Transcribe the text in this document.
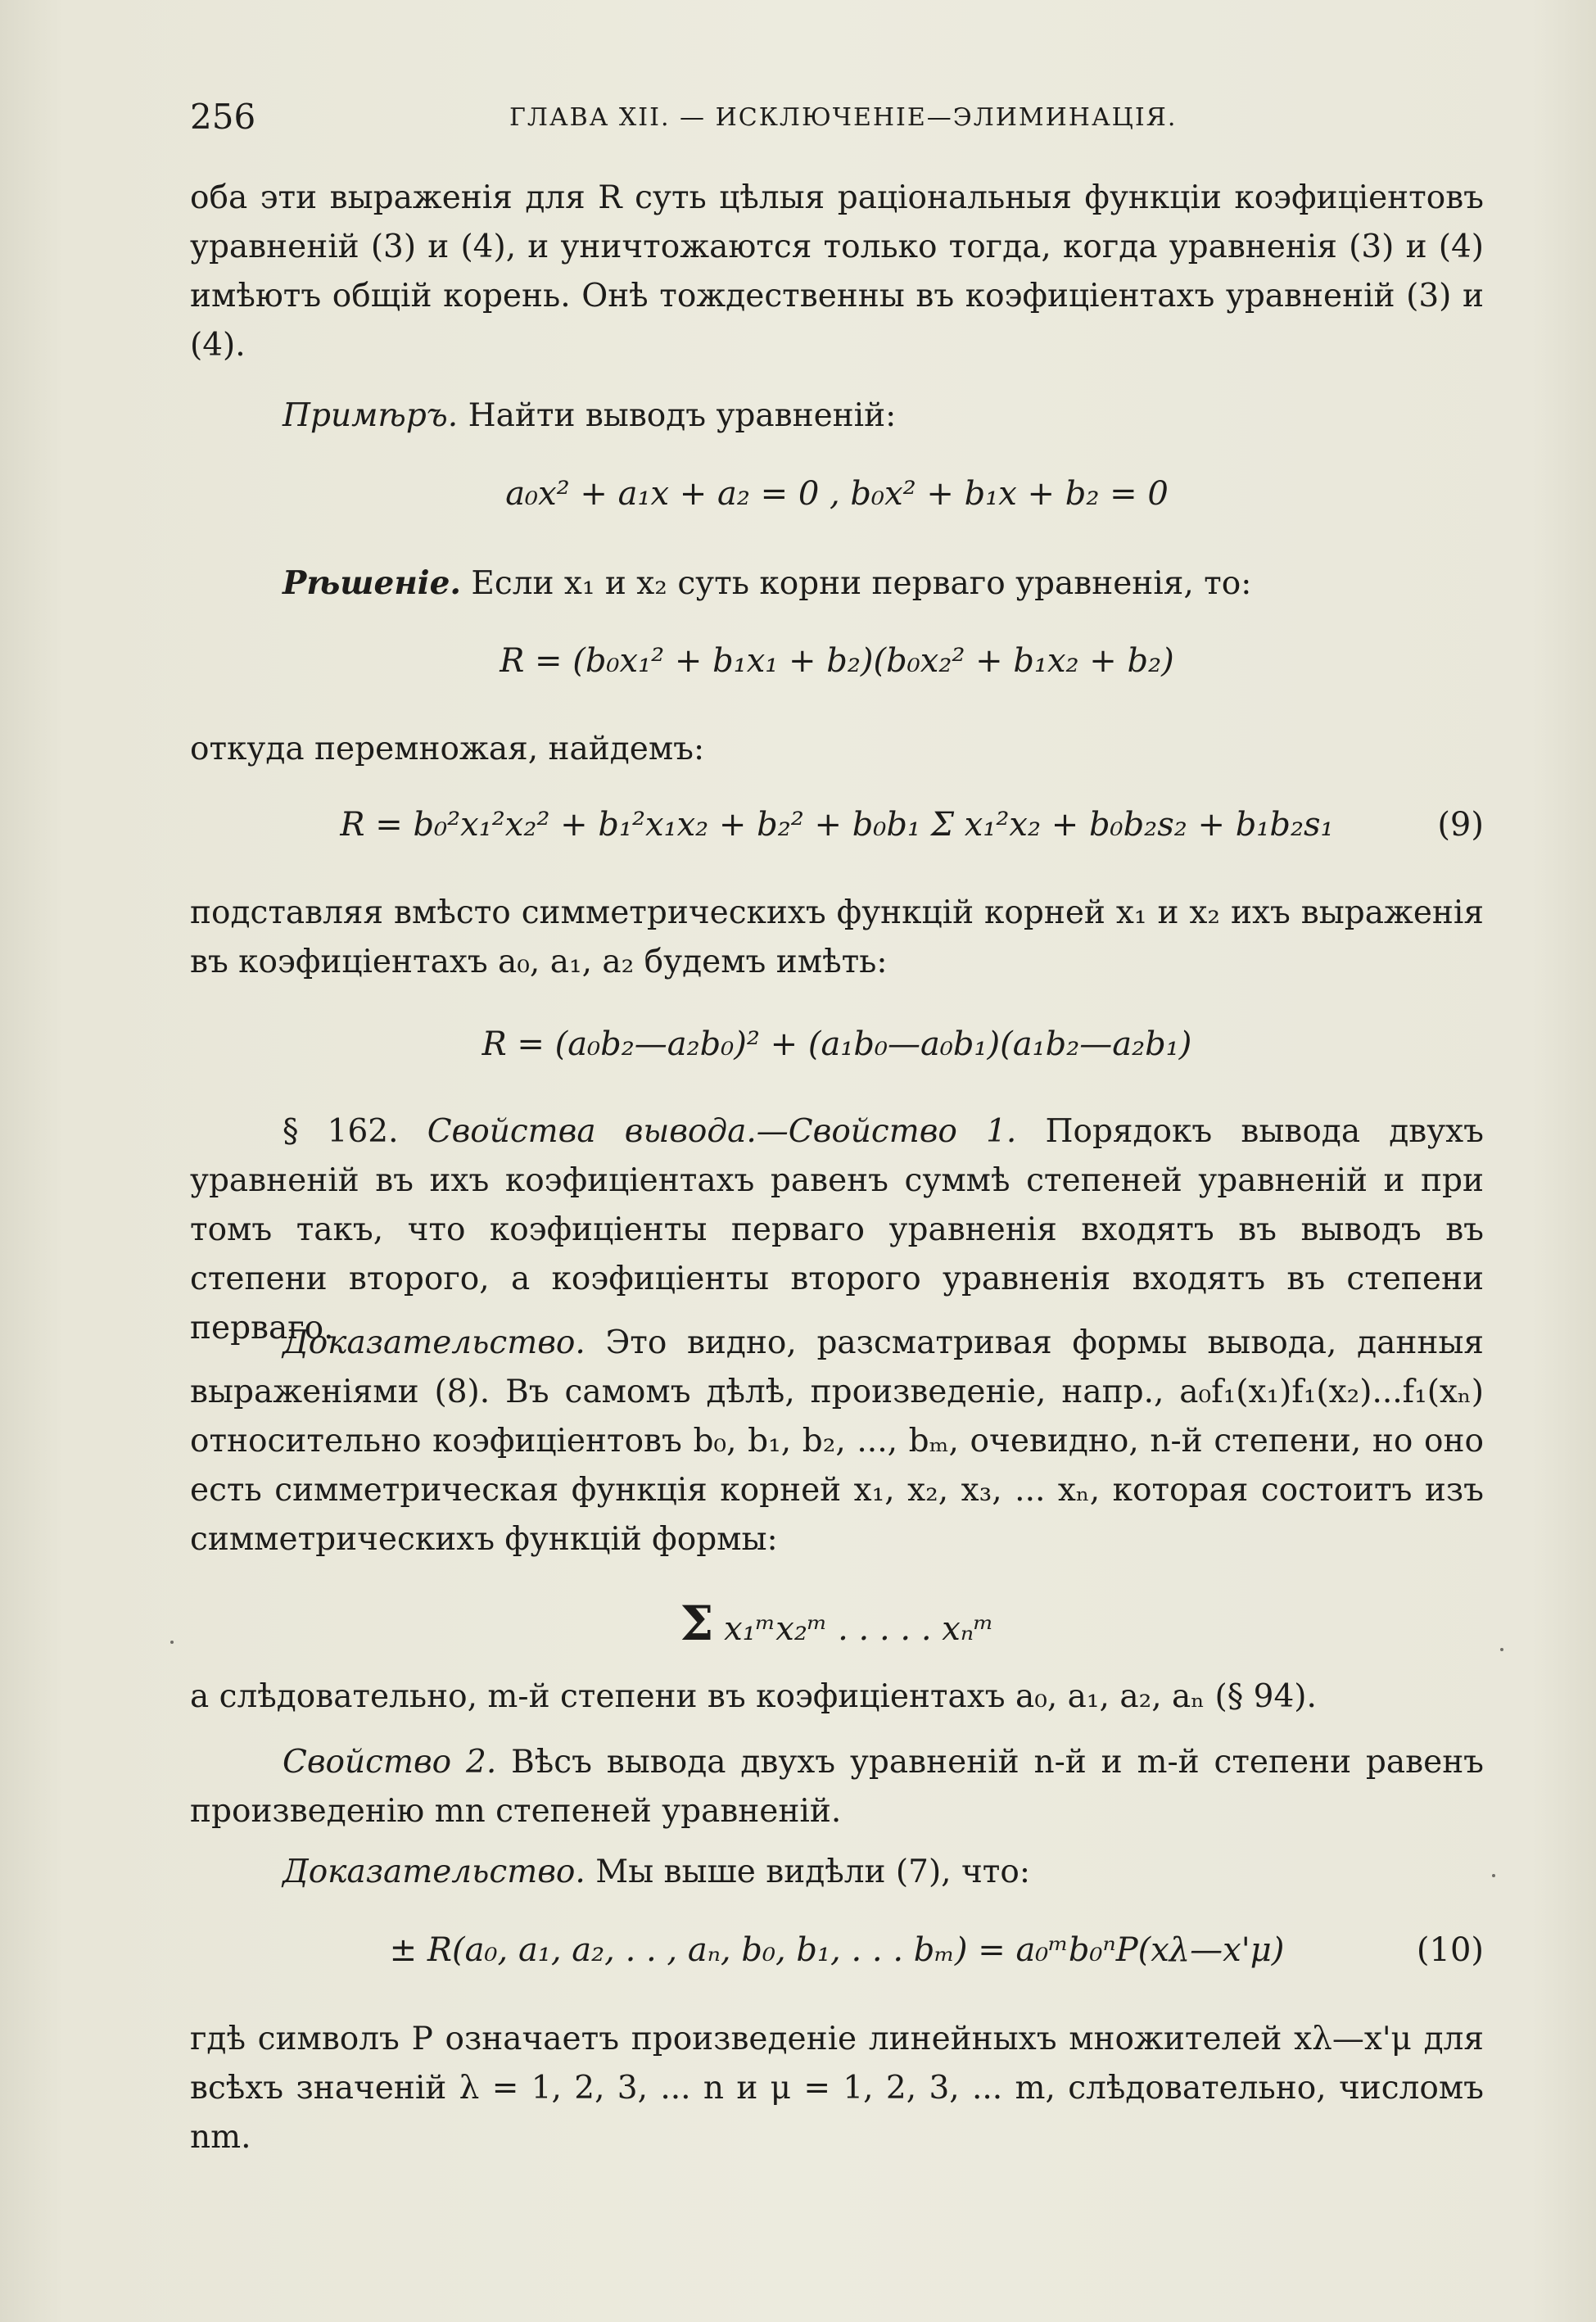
256	ГЛАВА XII. — ИСКЛЮЧЕНІЕ—ЭЛИМИНАЦІЯ.

оба эти выраженія для R суть цѣлыя раціональныя функціи коэфиціентовъ уравненій (3) и (4), и уничтожаются только тогда, когда уравненія (3) и (4) имѣютъ общій корень. Онѣ тождественны въ коэфиціентахъ уравненій (3) и (4).

Примѣръ. Найти выводъ уравненій:

a₀x² + a₁x + a₂ = 0 , b₀x² + b₁x + b₂ = 0

Рѣшеніе. Если x₁ и x₂ суть корни перваго уравненія, то:

R = (b₀x₁² + b₁x₁ + b₂)(b₀x₂² + b₁x₂ + b₂)

откуда перемножая, найдемъ:

R = b₀²x₁²x₂² + b₁²x₁x₂ + b₂² + b₀b₁ Σ x₁²x₂ + b₀b₂s₂ + b₁b₂s₁	(9)

подставляя вмѣсто симметрическихъ функцій корней x₁ и x₂ ихъ выраженія въ коэфиціентахъ a₀, a₁, a₂ будемъ имѣть:

R = (a₀b₂—a₂b₀)² + (a₁b₀—a₀b₁)(a₁b₂—a₂b₁)

§ 162. Свойства вывода.—Свойство 1. Порядокъ вывода двухъ уравненій въ ихъ коэфиціентахъ равенъ суммѣ степеней уравненій и при томъ такъ, что коэфиціенты перваго уравненія входятъ въ выводъ въ степени второго, а коэфиціенты второго уравненія входятъ въ степени перваго.

Доказательство. Это видно, разсматривая формы вывода, данныя выраженіями (8). Въ самомъ дѣлѣ, произведеніе, напр., a₀f₁(x₁)f₁(x₂)...f₁(xₙ) относительно коэфиціентовъ b₀, b₁, b₂, ..., bₘ, очевидно, n-й степени, но оно есть симметрическая функція корней x₁, x₂, x₃, ... xₙ, которая состоитъ изъ симметрическихъ функцій формы:

Σ x₁ᵐx₂ᵐ . . . . . xₙᵐ

а слѣдовательно, m-й степени въ коэфиціентахъ a₀, a₁, a₂, aₙ (§ 94).

Свойство 2. Вѣсъ вывода двухъ уравненій n-й и m-й степени равенъ произведенію mn степеней уравненій.

Доказательство. Мы выше видѣли (7), что:

± R(a₀, a₁, a₂, . . , aₙ, b₀, b₁, . . . bₘ) = a₀ᵐb₀ⁿP(xλ—x'μ)	(10)

гдѣ символъ P означаетъ произведеніе линейныхъ множителей xλ—x'μ для всѣхъ значеній λ = 1, 2, 3, ... n и μ = 1, 2, 3, ... m, слѣдовательно, числомъ nm.
